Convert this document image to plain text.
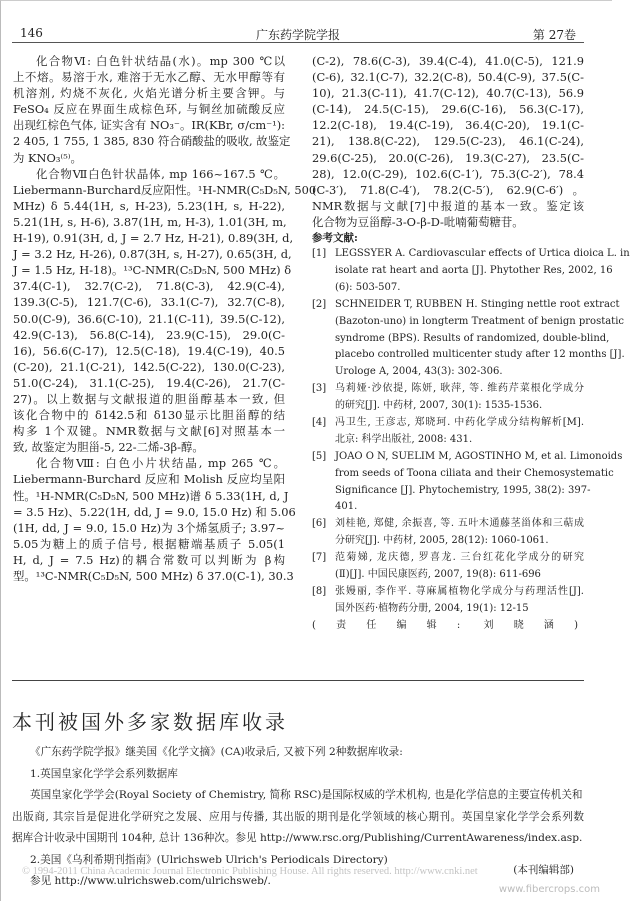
146	广东药学院学报	第 27卷
化合物Ⅵ: 白色针状结晶(水)。mp 300 ℃以
上不熔。易溶于水, 难溶于无水乙醇、无水甲醇等有
机溶剂, 灼烧不灰化, 火焰光谱分析主要含钾。与
FeSO₄ 反应在界面生成棕色环, 与铜丝加硫酸反应
出现红棕色气体, 证实含有 NO₃⁻。IR(KBr, σ/cm⁻¹):
2 405, 1 755, 1 385, 830 符合硝酸盐的吸收, 故鉴定
为 KNO₃⁽⁵⁾。
化合物Ⅶ白色针状晶体, mp 166~167.5 ℃。
Liebermann-Burchard反应阳性。¹H-NMR(C₅D₅N, 500
MHz) δ 5.44(1H, s, H-23), 5.23(1H, s, H-22),
5.21(1H, s, H-6), 3.87(1H, m, H-3), 1.01(3H, m,
H-19), 0.91(3H, d, J = 2.7 Hz, H-21), 0.89(3H, d,
J = 3.2 Hz, H-26), 0.87(3H, s, H-27), 0.65(3H, d,
J = 1.5 Hz, H-18)。¹³C-NMR(C₅D₅N, 500 MHz) δ
37.4(C-1), 32.7(C-2), 71.8(C-3), 42.9(C-4),
139.3(C-5), 121.7(C-6), 33.1(C-7), 32.7(C-8),
50.0(C-9), 36.6(C-10), 21.1(C-11), 39.5(C-12),
42.9(C-13), 56.8(C-14), 23.9(C-15), 29.0(C-
16), 56.6(C-17), 12.5(C-18), 19.4(C-19), 40.5
(C-20), 21.1(C-21), 142.5(C-22), 130.0(C-23),
51.0(C-24), 31.1(C-25), 19.4(C-26), 21.7(C-
27)。以上数据与文献报道的胆甾醇基本一致, 但
该化合物中的 δ142.5和 δ130显示比胆甾醇的结
构多 1个双键。NMR数据与文献[6]对照基本一
致, 故鉴定为胆甾-5, 22-二烯-3β-醇。
化合物Ⅷ: 白色小片状结晶, mp 265 ℃。
Liebermann-Burchard 反应和 Molish 反应均呈阳
性。¹H-NMR(C₅D₅N, 500 MHz)谱 δ 5.33(1H, d, J
= 3.5 Hz)、5.22(1H, dd, J = 9.0, 15.0 Hz) 和 5.06
(1H, dd, J = 9.0, 15.0 Hz)为 3个烯氢质子; 3.97~
5.05为糖上的质子信号, 根据糖端基质子 5.05(1
H, d, J = 7.5 Hz)的耦合常数可以判断为 β构
型。¹³C-NMR(C₅D₅N, 500 MHz) δ 37.0(C-1), 30.3
(C-2), 78.6(C-3), 39.4(C-4), 41.0(C-5), 121.9
(C-6), 32.1(C-7), 32.2(C-8), 50.4(C-9), 37.5(C-
10), 21.3(C-11), 41.7(C-12), 40.7(C-13), 56.9
(C-14), 24.5(C-15), 29.6(C-16), 56.3(C-17),
12.2(C-18), 19.4(C-19), 36.4(C-20), 19.1(C-
21), 138.8(C-22), 129.5(C-23), 46.1(C-24),
29.6(C-25), 20.0(C-26), 19.3(C-27), 23.5(C-
28), 12.0(C-29), 102.6(C-1′), 75.3(C-2′), 78.4
(C-3′), 71.8(C-4′), 78.2(C-5′), 62.9(C-6′)。
NMR数据与文献[7]中报道的基本一致。鉴定该
化合物为豆甾醇-3-O-β-D-吡喃葡萄糖苷。
参考文献:
[1] LEGSSYER A. Cardiovascular effects of Urtica dioica L. in
isolate rat heart and aorta [J]. Phytother Res, 2002, 16
(6): 503-507.
[2] SCHNEIDER T, RUBBEN H. Stinging nettle root extract
(Bazoton-uno) in longterm Treatment of benign prostatic
syndrome (BPS). Results of randomized, double-blind,
placebo controlled multicenter study after 12 months [J].
Urologe A, 2004, 43(3): 302-306.
[3] 乌莉娅·沙依提, 陈妍, 耿萍, 等. 维药芹菜根化学成分
的研究[J]. 中药材, 2007, 30(1): 1535-1536.
[4] 冯卫生, 王彦志, 郑晓珂. 中药化学成分结构解析[M].
北京: 科学出版社, 2008: 431.
[5] JOAO O N, SUELIM M, AGOSTINHO M, et al. Limonoids
from seeds of Toona ciliata and their Chemosystematic
Significance [J]. Phytochemistry, 1995, 38(2): 397-
401.
[6] 刘桂艳, 郑健, 余振喜, 等. 五叶木通藤茎甾体和三萜成
分研究[J]. 中药材, 2005, 28(12): 1060-1061.
[7] 范菊娣, 龙庆德, 罗喜龙. 三台红花化学成分的研究
(Ⅱ)[J]. 中国民康医药, 2007, 19(8): 611-696
[8] 张嫚丽, 李作平. 荨麻属植物化学成分与药理活性[J].
国外医药·植物药分册, 2004, 19(1): 12-15
(责任编辑: 刘晓涵)
本刊被国外多家数据库收录
《广东药学院学报》继美国《化学文摘》(CA)收录后, 又被下列 2种数据库收录:
1.英国皇家化学学会系列数据库
英国皇家化学学会(Royal Society of Chemistry, 简称 RSC)是国际权威的学术机构, 也是化学信息的主要宣传机关和
出版商, 其宗旨是促进化学研究之发展、应用与传播, 其出版的期刊是化学领域的核心期刊。英国皇家化学学会系列数
据库合计收录中国期刊 104种, 总计 136种次。参见 http://www.rsc.org/Publishing/CurrentAwareness/index.asp.
2.美国《乌利希期刊指南》(Ulrichsweb Ulrich's Periodicals Directory)
参见 http://www.ulrichsweb.com/ulrichsweb/.
(本刊编辑部)
© 1994-2011 China Academic Journal Electronic Publishing House. All rights reserved. http://www.cnki.net
www.fibercrops.com
